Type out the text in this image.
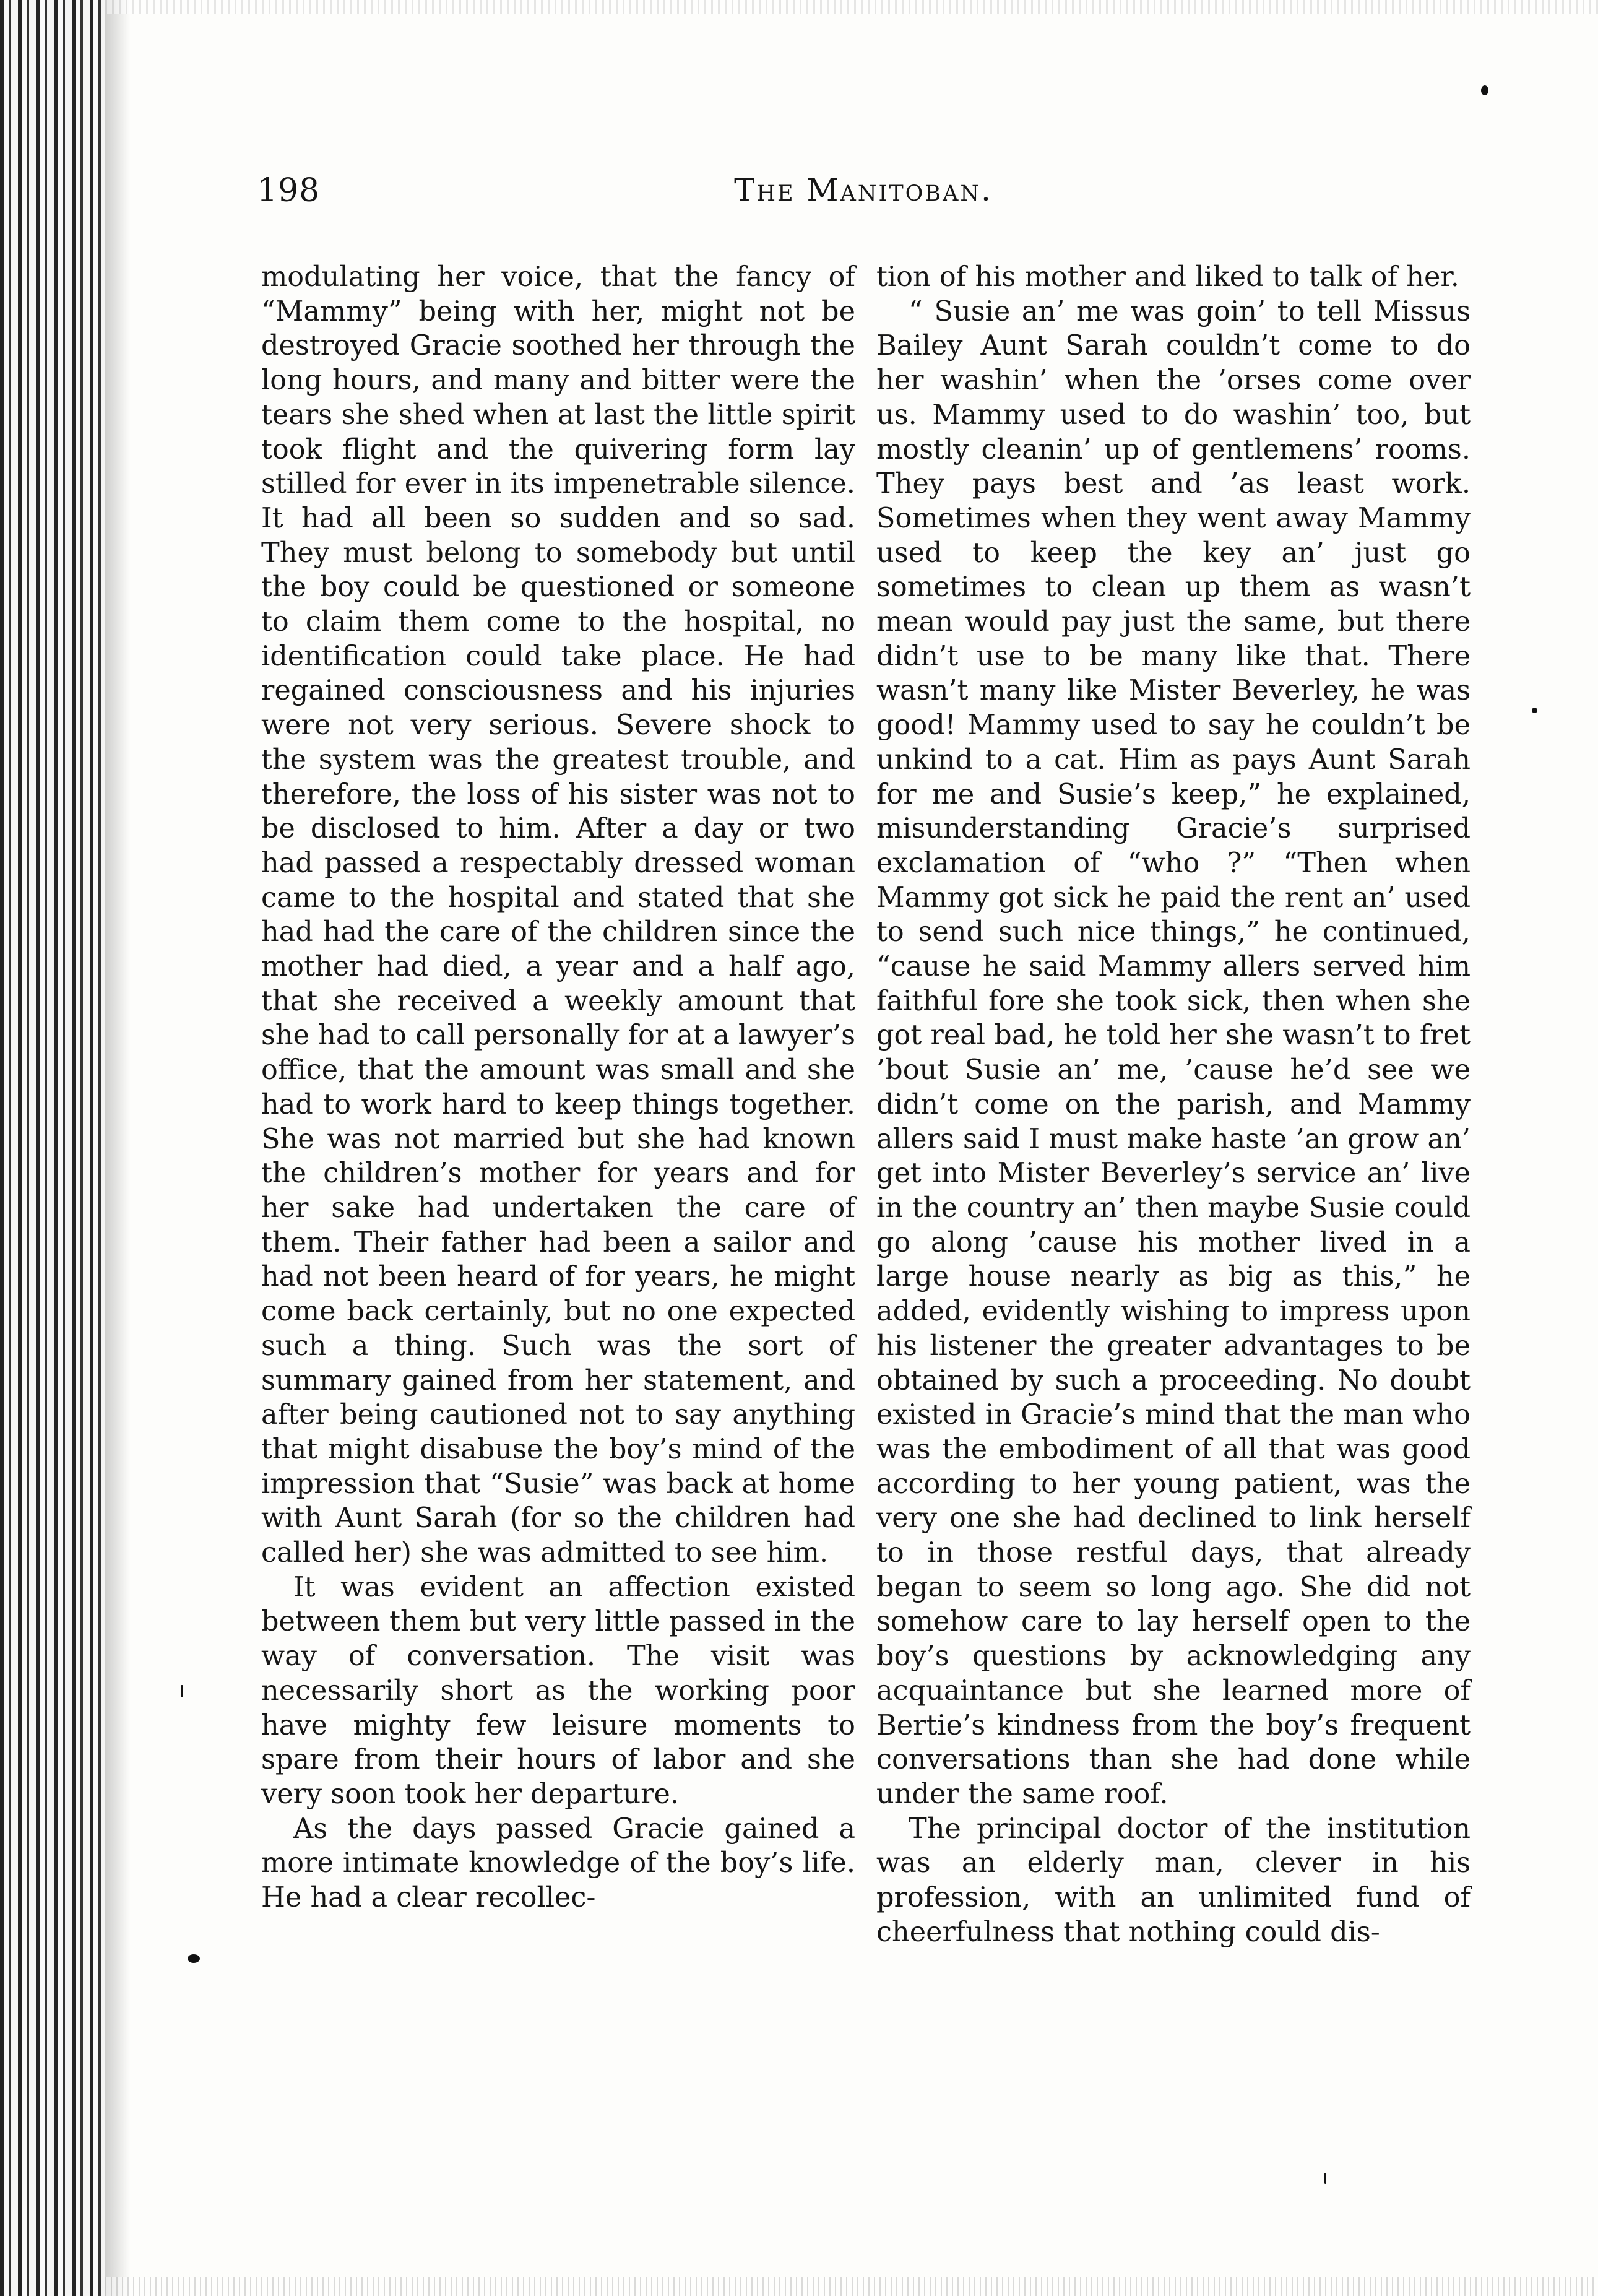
198	The Manitoban.

modulating her voice, that the fancy of “Mammy” being with her, might not be destroyed Gracie soothed her through the long hours, and many and bitter were the tears she shed when at last the little spirit took flight and the quivering form lay stilled for ever in its impenetrable silence. It had all been so sudden and so sad. They must belong to somebody but until the boy could be questioned or someone to claim them come to the hospital, no identification could take place. He had regained consciousness and his injuries were not very serious. Severe shock to the system was the greatest trouble, and therefore, the loss of his sister was not to be disclosed to him. After a day or two had passed a respectably dressed woman came to the hospital and stated that she had had the care of the children since the mother had died, a year and a half ago, that she received a weekly amount that she had to call personally for at a lawyer’s office, that the amount was small and she had to work hard to keep things together. She was not married but she had known the children’s mother for years and for her sake had undertaken the care of them. Their father had been a sailor and had not been heard of for years, he might come back certainly, but no one expected such a thing. Such was the sort of summary gained from her statement, and after being cautioned not to say anything that might disabuse the boy’s mind of the impression that “Susie” was back at home with Aunt Sarah (for so the children had called her) she was admitted to see him.

It was evident an affection existed between them but very little passed in the way of conversation. The visit was necessarily short as the working poor have mighty few leisure moments to spare from their hours of labor and she very soon took her departure.

As the days passed Gracie gained a more intimate knowledge of the boy’s life. He had a clear recollec-

tion of his mother and liked to talk of her.

“ Susie an’ me was goin’ to tell Missus Bailey Aunt Sarah couldn’t come to do her washin’ when the ’orses come over us. Mammy used to do washin’ too, but mostly cleanin’ up of gentlemens’ rooms. They pays best and ’as least work. Sometimes when they went away Mammy used to keep the key an’ just go sometimes to clean up them as wasn’t mean would pay just the same, but there didn’t use to be many like that. There wasn’t many like Mister Beverley, he was good! Mammy used to say he couldn’t be unkind to a cat. Him as pays Aunt Sarah for me and Susie’s keep,” he explained, misunderstanding Gracie’s surprised exclamation of “who ?” “Then when Mammy got sick he paid the rent an’ used to send such nice things,” he continued, “cause he said Mammy allers served him faithful fore she took sick, then when she got real bad, he told her she wasn’t to fret ’bout Susie an’ me, ’cause he’d see we didn’t come on the parish, and Mammy allers said I must make haste ’an grow an’ get into Mister Beverley’s service an’ live in the country an’ then maybe Susie could go along ’cause his mother lived in a large house nearly as big as this,” he added, evidently wishing to impress upon his listener the greater advantages to be obtained by such a proceeding. No doubt existed in Gracie’s mind that the man who was the embodiment of all that was good according to her young patient, was the very one she had declined to link herself to in those restful days, that already began to seem so long ago. She did not somehow care to lay herself open to the boy’s questions by acknowledging any acquaintance but she learned more of Bertie’s kindness from the boy’s frequent conversations than she had done while under the same roof.

The principal doctor of the institution was an elderly man, clever in his profession, with an unlimited fund of cheerfulness that nothing could dis-
